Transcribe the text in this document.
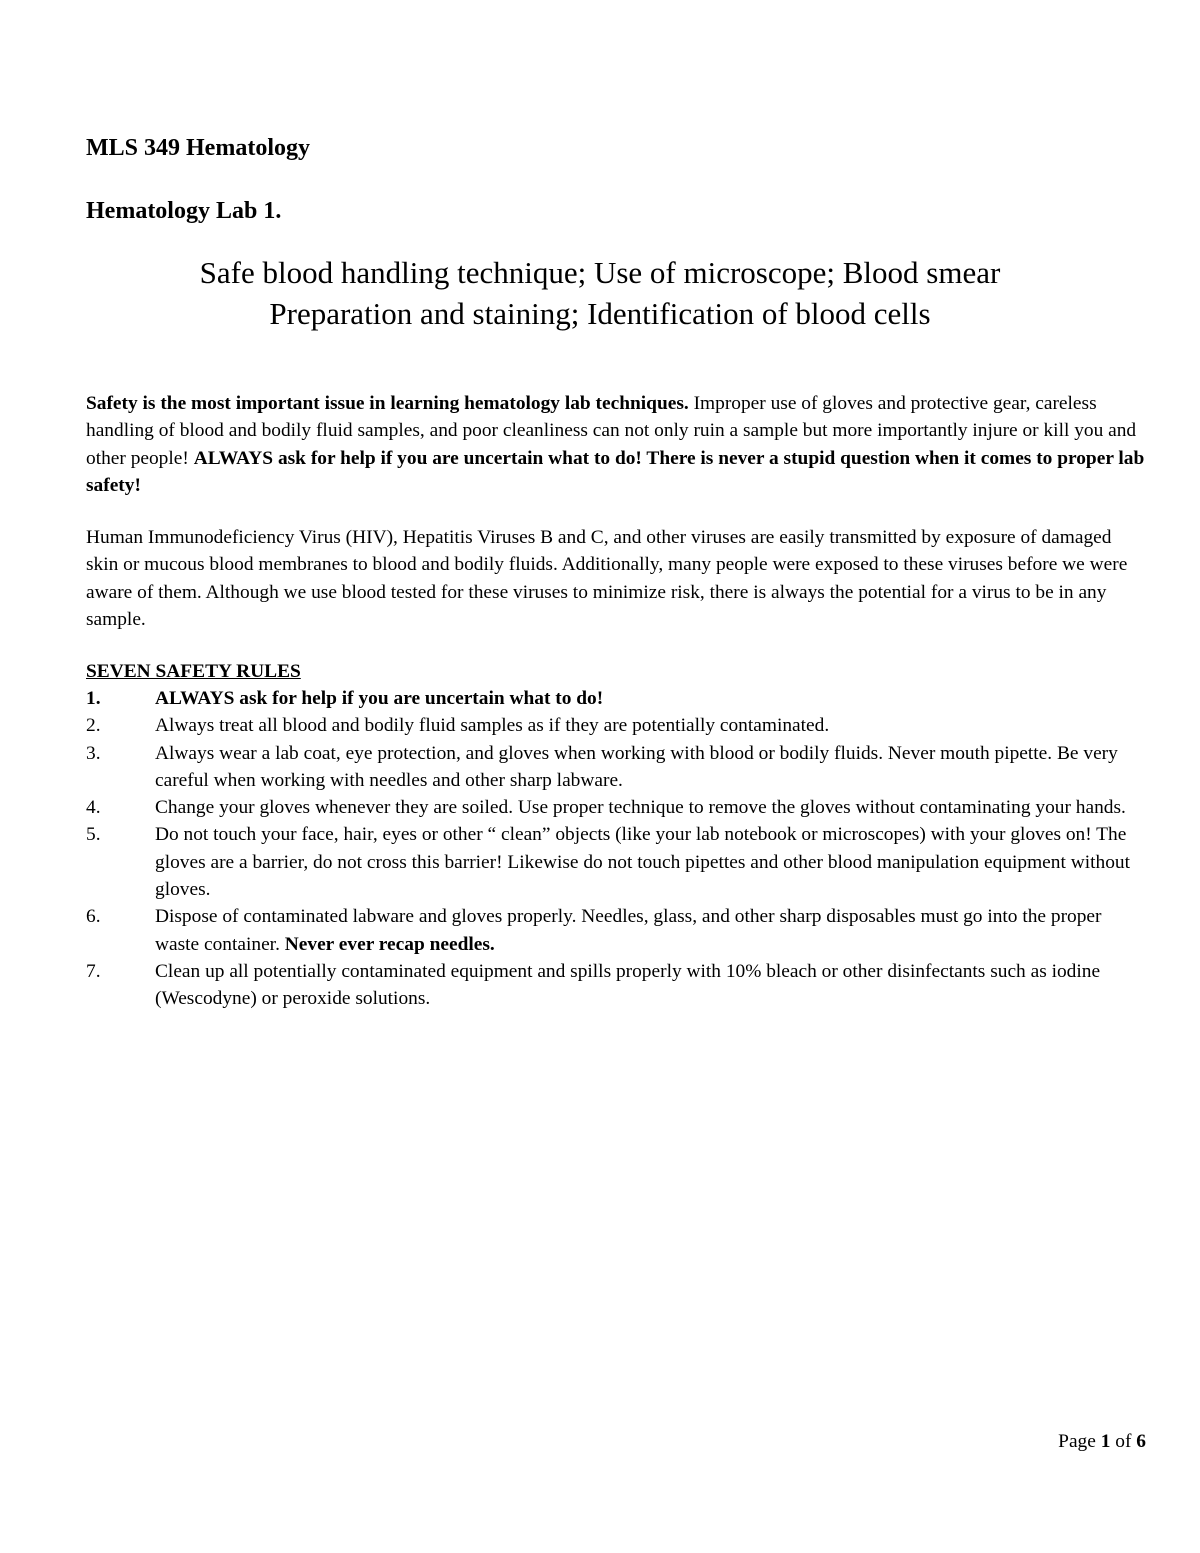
MLS 349 Hematology
Hematology Lab 1.
Safe blood handling technique; Use of microscope; Blood smear
Preparation and staining; Identification of blood cells

Safety is the most important issue in learning hematology lab techniques. Improper use of gloves and protective gear, careless handling of blood and bodily fluid samples, and poor cleanliness can not only ruin a sample but more importantly injure or kill you and other people! ALWAYS ask for help if you are uncertain what to do! There is never a stupid question when it comes to proper lab safety!

Human Immunodeficiency Virus (HIV), Hepatitis Viruses B and C, and other viruses are easily transmitted by exposure of damaged skin or mucous blood membranes to blood and bodily fluids. Additionally, many people were exposed to these viruses before we were aware of them. Although we use blood tested for these viruses to minimize risk, there is always the potential for a virus to be in any sample.

SEVEN SAFETY RULES
1.	ALWAYS ask for help if you are uncertain what to do!
2.	Always treat all blood and bodily fluid samples as if they are potentially contaminated.
3.	Always wear a lab coat, eye protection, and gloves when working with blood or bodily fluids. Never mouth pipette. Be very careful when working with needles and other sharp labware.
4.	Change your gloves whenever they are soiled. Use proper technique to remove the gloves without contaminating your hands.
5.	Do not touch your face, hair, eyes or other “ clean” objects (like your lab notebook or microscopes) with your gloves on! The gloves are a barrier, do not cross this barrier! Likewise do not touch pipettes and other blood manipulation equipment without gloves.
6.	Dispose of contaminated labware and gloves properly. Needles, glass, and other sharp disposables must go into the proper waste container. Never ever recap needles.
7.	Clean up all potentially contaminated equipment and spills properly with 10% bleach or other disinfectants such as iodine (Wescodyne) or peroxide solutions.
Page 1 of 6
